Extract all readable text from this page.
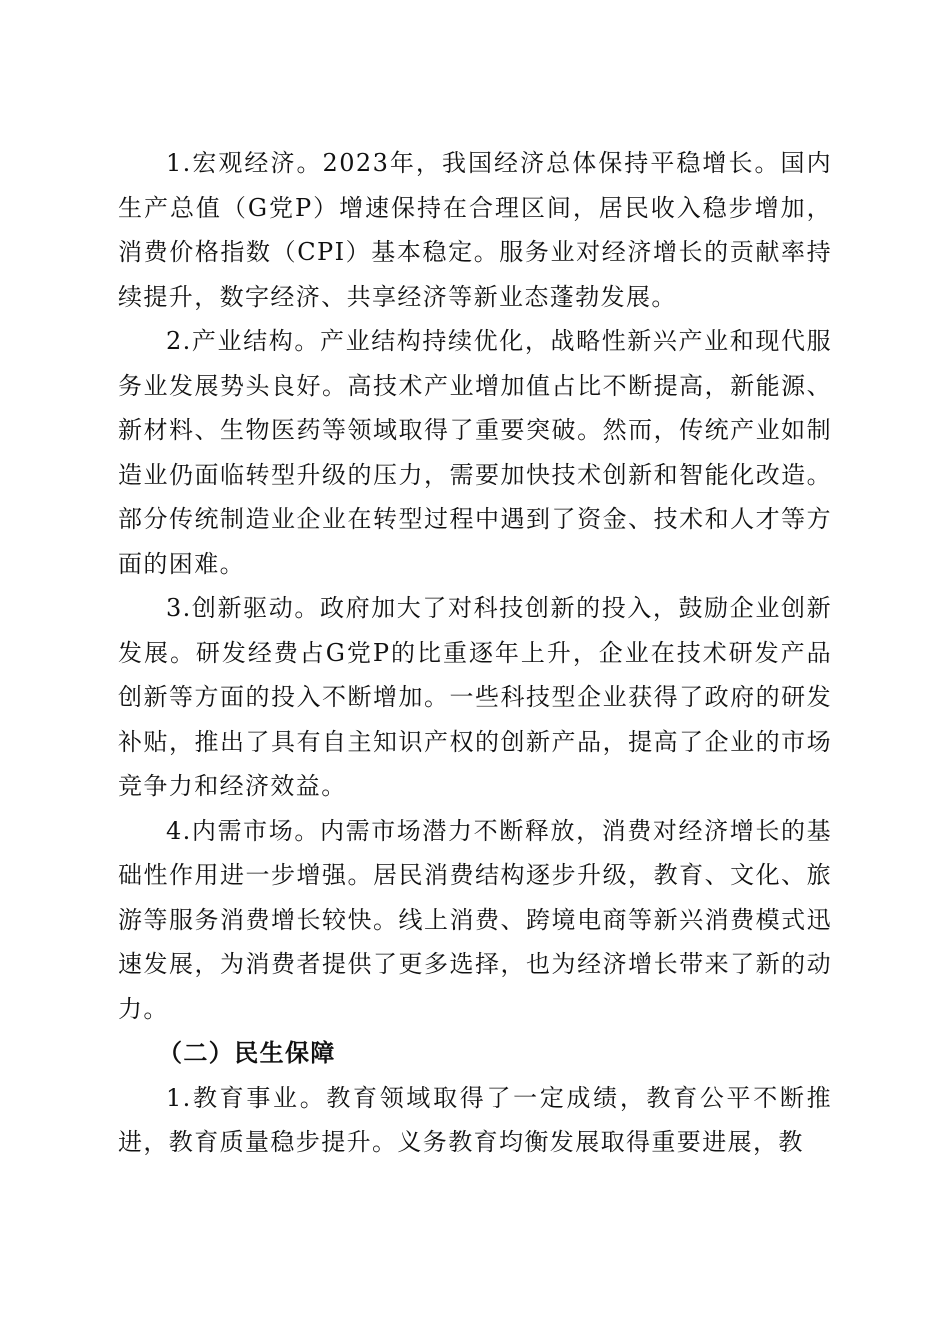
1.宏观经济。2023年，我国经济总体保持平稳增长。国内生产总值（G党P）增速保持在合理区间，居民收入稳步增加，消费价格指数（CPI）基本稳定。服务业对经济增长的贡献率持续提升，数字经济、共享经济等新业态蓬勃发展。

2.产业结构。产业结构持续优化，战略性新兴产业和现代服务业发展势头良好。高技术产业增加值占比不断提高，新能源、新材料、生物医药等领域取得了重要突破。然而，传统产业如制造业仍面临转型升级的压力，需要加快技术创新和智能化改造。部分传统制造业企业在转型过程中遇到了资金、技术和人才等方面的困难。

3.创新驱动。政府加大了对科技创新的投入，鼓励企业创新发展。研发经费占G党P的比重逐年上升，企业在技术研发产品创新等方面的投入不断增加。一些科技型企业获得了政府的研发补贴，推出了具有自主知识产权的创新产品，提高了企业的市场竞争力和经济效益。

4.内需市场。内需市场潜力不断释放，消费对经济增长的基础性作用进一步增强。居民消费结构逐步升级，教育、文化、旅游等服务消费增长较快。线上消费、跨境电商等新兴消费模式迅速发展，为消费者提供了更多选择，也为经济增长带来了新的动力。

（二）民生保障

1.教育事业。教育领域取得了一定成绩，教育公平不断推进，教育质量稳步提升。义务教育均衡发展取得重要进展，教
